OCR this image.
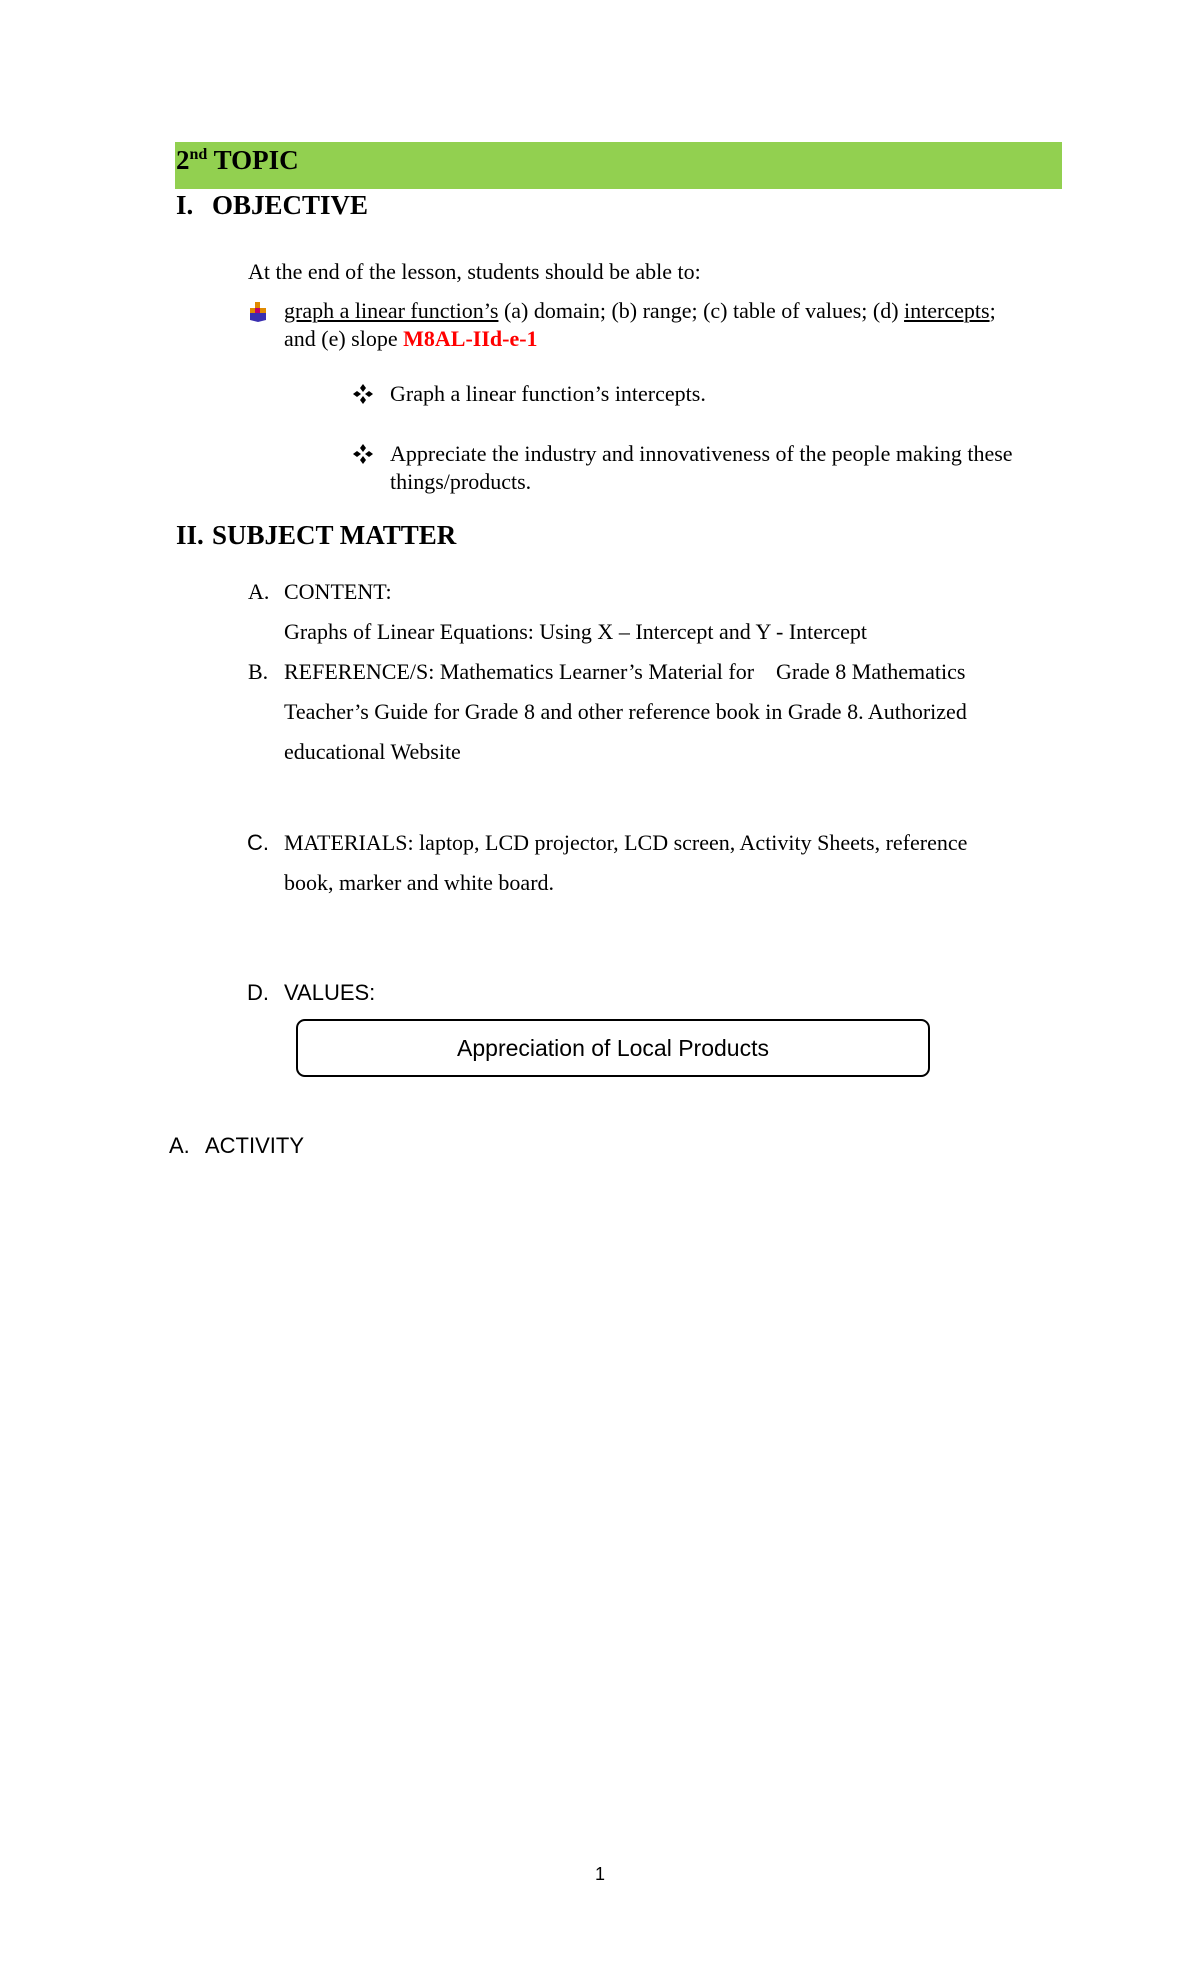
2nd TOPIC
I. OBJECTIVE
At the end of the lesson, students should be able to:
graph a linear function’s (a) domain; (b) range; (c) table of values; (d) intercepts;
and (e) slope M8AL-IId-e-1
Graph a linear function’s intercepts.
Appreciate the industry and innovativeness of the people making these
things/products.
II. SUBJECT MATTER
A. CONTENT:
Graphs of Linear Equations: Using X – Intercept and Y - Intercept
B. REFERENCE/S: Mathematics Learner’s Material for    Grade 8 Mathematics
Teacher’s Guide for Grade 8 and other reference book in Grade 8. Authorized
educational Website
C. MATERIALS: laptop, LCD projector, LCD screen, Activity Sheets, reference
book, marker and white board.
D. VALUES:
Appreciation of Local Products
A. ACTIVITY
1
